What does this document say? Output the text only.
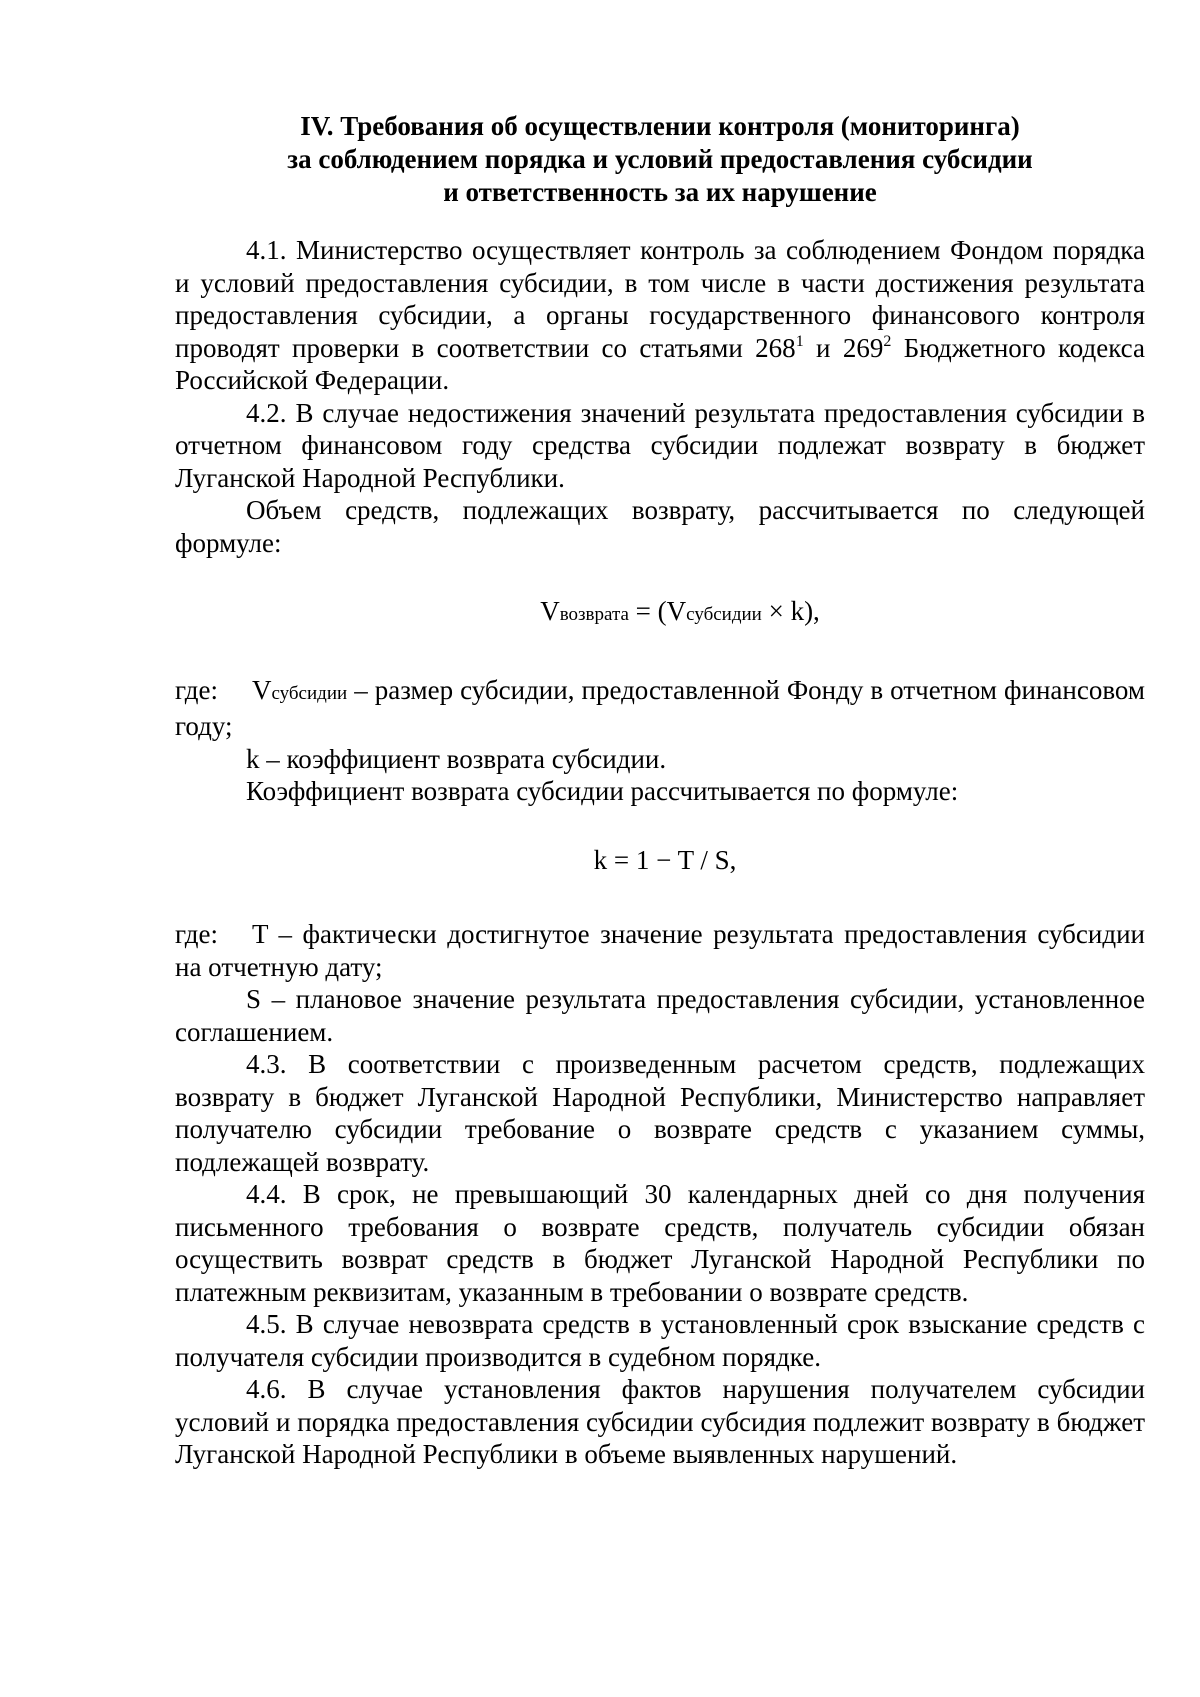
IV. Требования об осуществлении контроля (мониторинга)
за соблюдением порядка и условий предоставления субсидии
и ответственность за их нарушение

4.1. Министерство осуществляет контроль за соблюдением Фондом порядка и условий предоставления субсидии, в том числе в части достижения результата предоставления субсидии, а органы государственного финансового контроля проводят проверки в соответствии со статьями $268^1$ и $269^2$ Бюджетного кодекса Российской Федерации.

4.2. В случае недостижения значений результата предоставления субсидии в отчетном финансовом году средства субсидии подлежат возврату в бюджет Луганской Народной Республики.

Объем средств, подлежащих возврату, рассчитывается по следующей формуле:

Vвозврата = (Vсубсидии × k),

где: Vсубсидии – размер субсидии, предоставленной Фонду в отчетном финансовом году;

k – коэффициент возврата субсидии.

Коэффициент возврата субсидии рассчитывается по формуле:

k = 1 − T / S,

где: T – фактически достигнутое значение результата предоставления субсидии на отчетную дату;

S – плановое значение результата предоставления субсидии, установленное соглашением.

4.3. В соответствии с произведенным расчетом средств, подлежащих возврату в бюджет Луганской Народной Республики, Министерство направляет получателю субсидии требование о возврате средств с указанием суммы, подлежащей возврату.

4.4. В срок, не превышающий 30 календарных дней со дня получения письменного требования о возврате средств, получатель субсидии обязан осуществить возврат средств в бюджет Луганской Народной Республики по платежным реквизитам, указанным в требовании о возврате средств.

4.5. В случае невозврата средств в установленный срок взыскание средств с получателя субсидии производится в судебном порядке.

4.6. В случае установления фактов нарушения получателем субсидии условий и порядка предоставления субсидии субсидия подлежит возврату в бюджет Луганской Народной Республики в объеме выявленных нарушений.
